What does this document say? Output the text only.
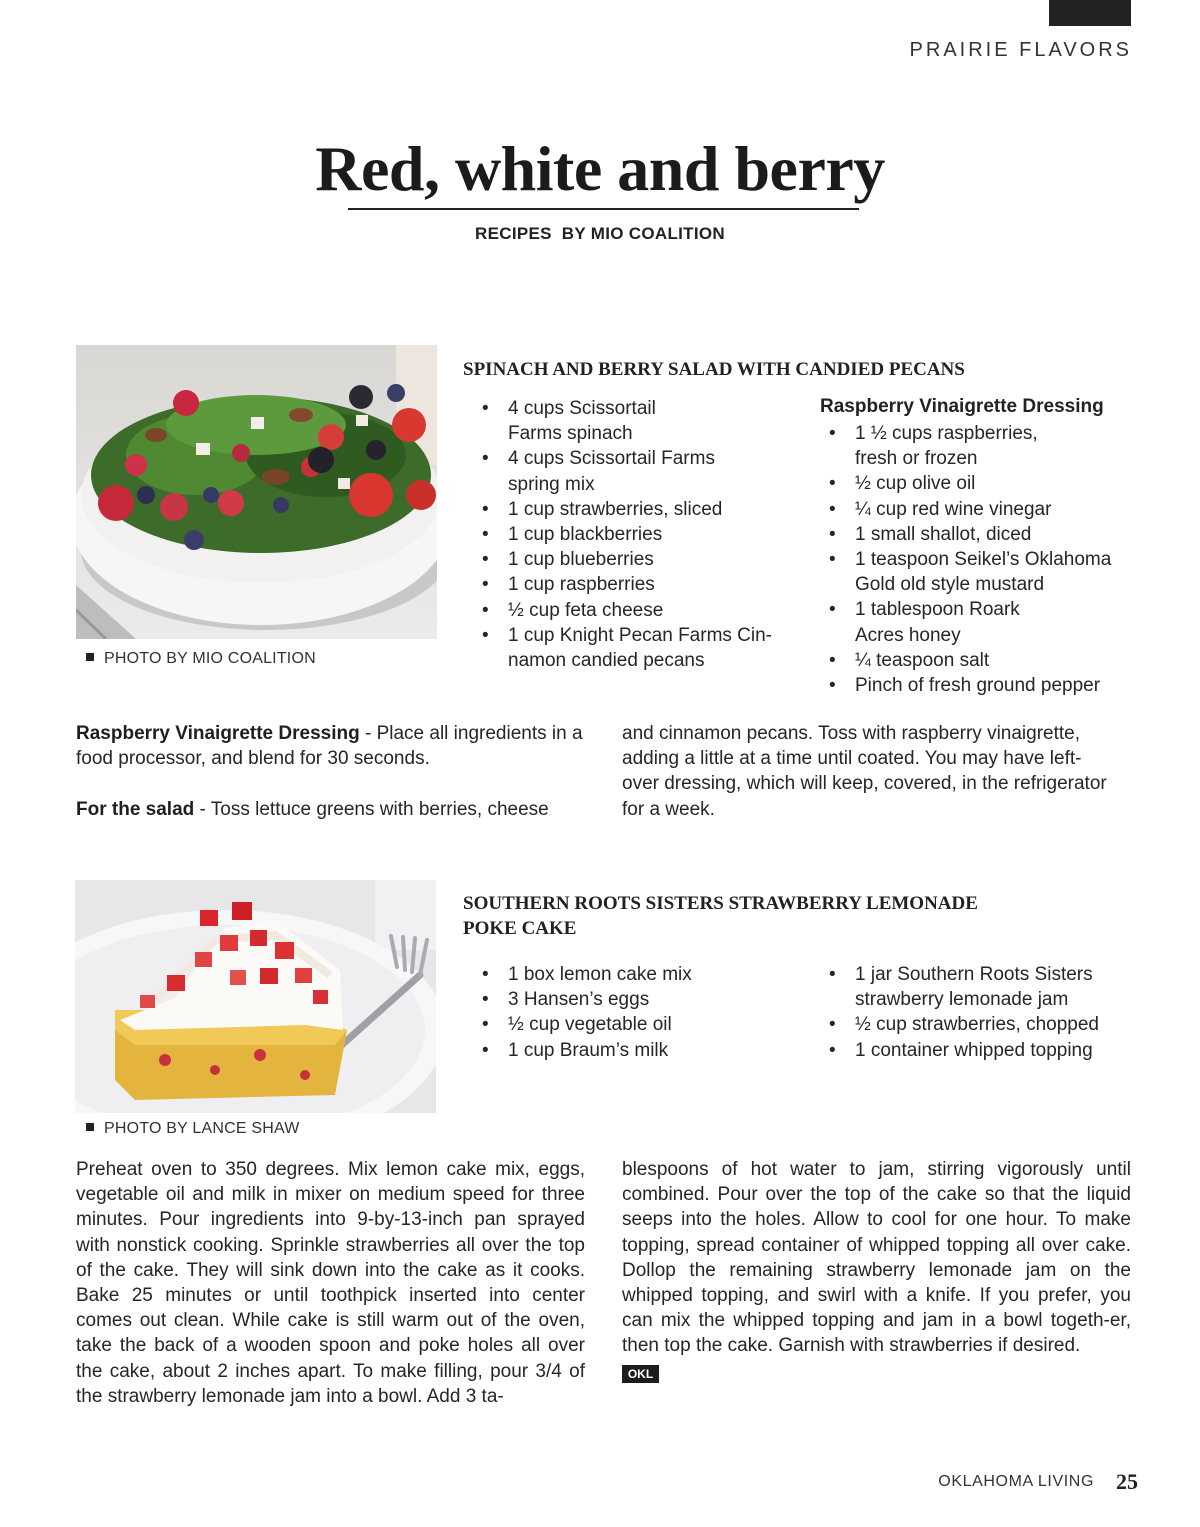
PRAIRIE FLAVORS
Red, white and berry
RECIPES  BY MIO COALITION
PHOTO BY MIO COALITION
SPINACH AND BERRY SALAD WITH CANDIED PECANS
• 4 cups Scissortail
Farms spinach
• 4 cups Scissortail Farms
spring mix
• 1 cup strawberries, sliced
• 1 cup blackberries
• 1 cup blueberries
• 1 cup raspberries
• ½ cup feta cheese
• 1 cup Knight Pecan Farms Cin-
namon candied pecans
Raspberry Vinaigrette Dressing
• 1 ½ cups raspberries,
fresh or frozen
• ½ cup olive oil
• ¼ cup red wine vinegar
• 1 small shallot, diced
• 1 teaspoon Seikel’s Oklahoma
Gold old style mustard
• 1 tablespoon Roark
Acres honey
• ¼ teaspoon salt
• Pinch of fresh ground pepper
Raspberry Vinaigrette Dressing - Place all ingredients in a
food processor, and blend for 30 seconds.

For the salad - Toss lettuce greens with berries, cheese
and cinnamon pecans. Toss with raspberry vinaigrette,
adding a little at a time until coated. You may have left-
over dressing, which will keep, covered, in the refrigerator
for a week.
PHOTO BY LANCE SHAW
SOUTHERN ROOTS SISTERS STRAWBERRY LEMONADE
POKE CAKE
• 1 box lemon cake mix
• 3 Hansen’s eggs
• ½ cup vegetable oil
• 1 cup Braum’s milk
• 1 jar Southern Roots Sisters
strawberry lemonade jam
• ½ cup strawberries, chopped
• 1 container whipped topping
Preheat oven to 350 degrees. Mix lemon cake mix, eggs, vegetable oil and milk in mixer on medium speed for three minutes. Pour ingredients into 9-by-13-inch pan sprayed with nonstick cooking. Sprinkle strawberries all over the top of the cake. They will sink down into the cake as it cooks. Bake 25 minutes or until toothpick inserted into center comes out clean. While cake is still warm out of the oven, take the back of a wooden spoon and poke holes all over the cake, about 2 inches apart. To make filling, pour 3/4 of the strawberry lemonade jam into a bowl. Add 3 ta-
blespoons of hot water to jam, stirring vigorously until combined. Pour over the top of the cake so that the liquid seeps into the holes. Allow to cool for one hour. To make topping, spread container of whipped topping all over cake. Dollop the remaining strawberry lemonade jam on the whipped topping, and swirl with a knife. If you prefer, you can mix the whipped topping and jam in a bowl togeth-er, then top the cake. Garnish with strawberries if desired.
OKL
OKLAHOMA LIVING 25
